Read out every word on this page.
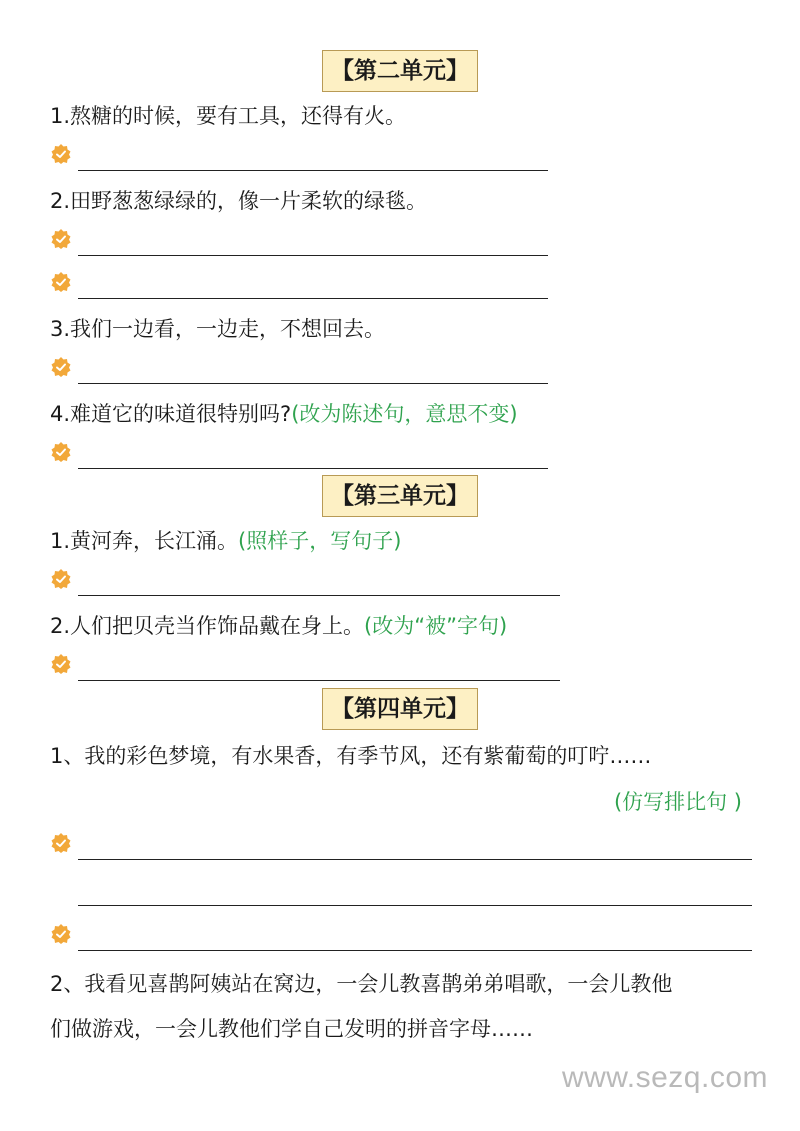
【第二单元】
1.熬糖的时候，要有工具，还得有火。
2.田野葱葱绿绿的，像一片柔软的绿毯。
3.我们一边看，一边走，不想回去。
4.难道它的味道很特别吗?(改为陈述句，意思不变)
【第三单元】
1.黄河奔，长江涌。(照样子，写句子)
2.人们把贝壳当作饰品戴在身上。(改为“被”字句)
【第四单元】
1、我的彩色梦境，有水果香，有季节风，还有紫葡萄的叮咛……
(仿写排比句 )
2、我看见喜鹊阿姨站在窝边，一会儿教喜鹊弟弟唱歌，一会儿教他
们做游戏，一会儿教他们学自己发明的拼音字母……
www.sezq.com
